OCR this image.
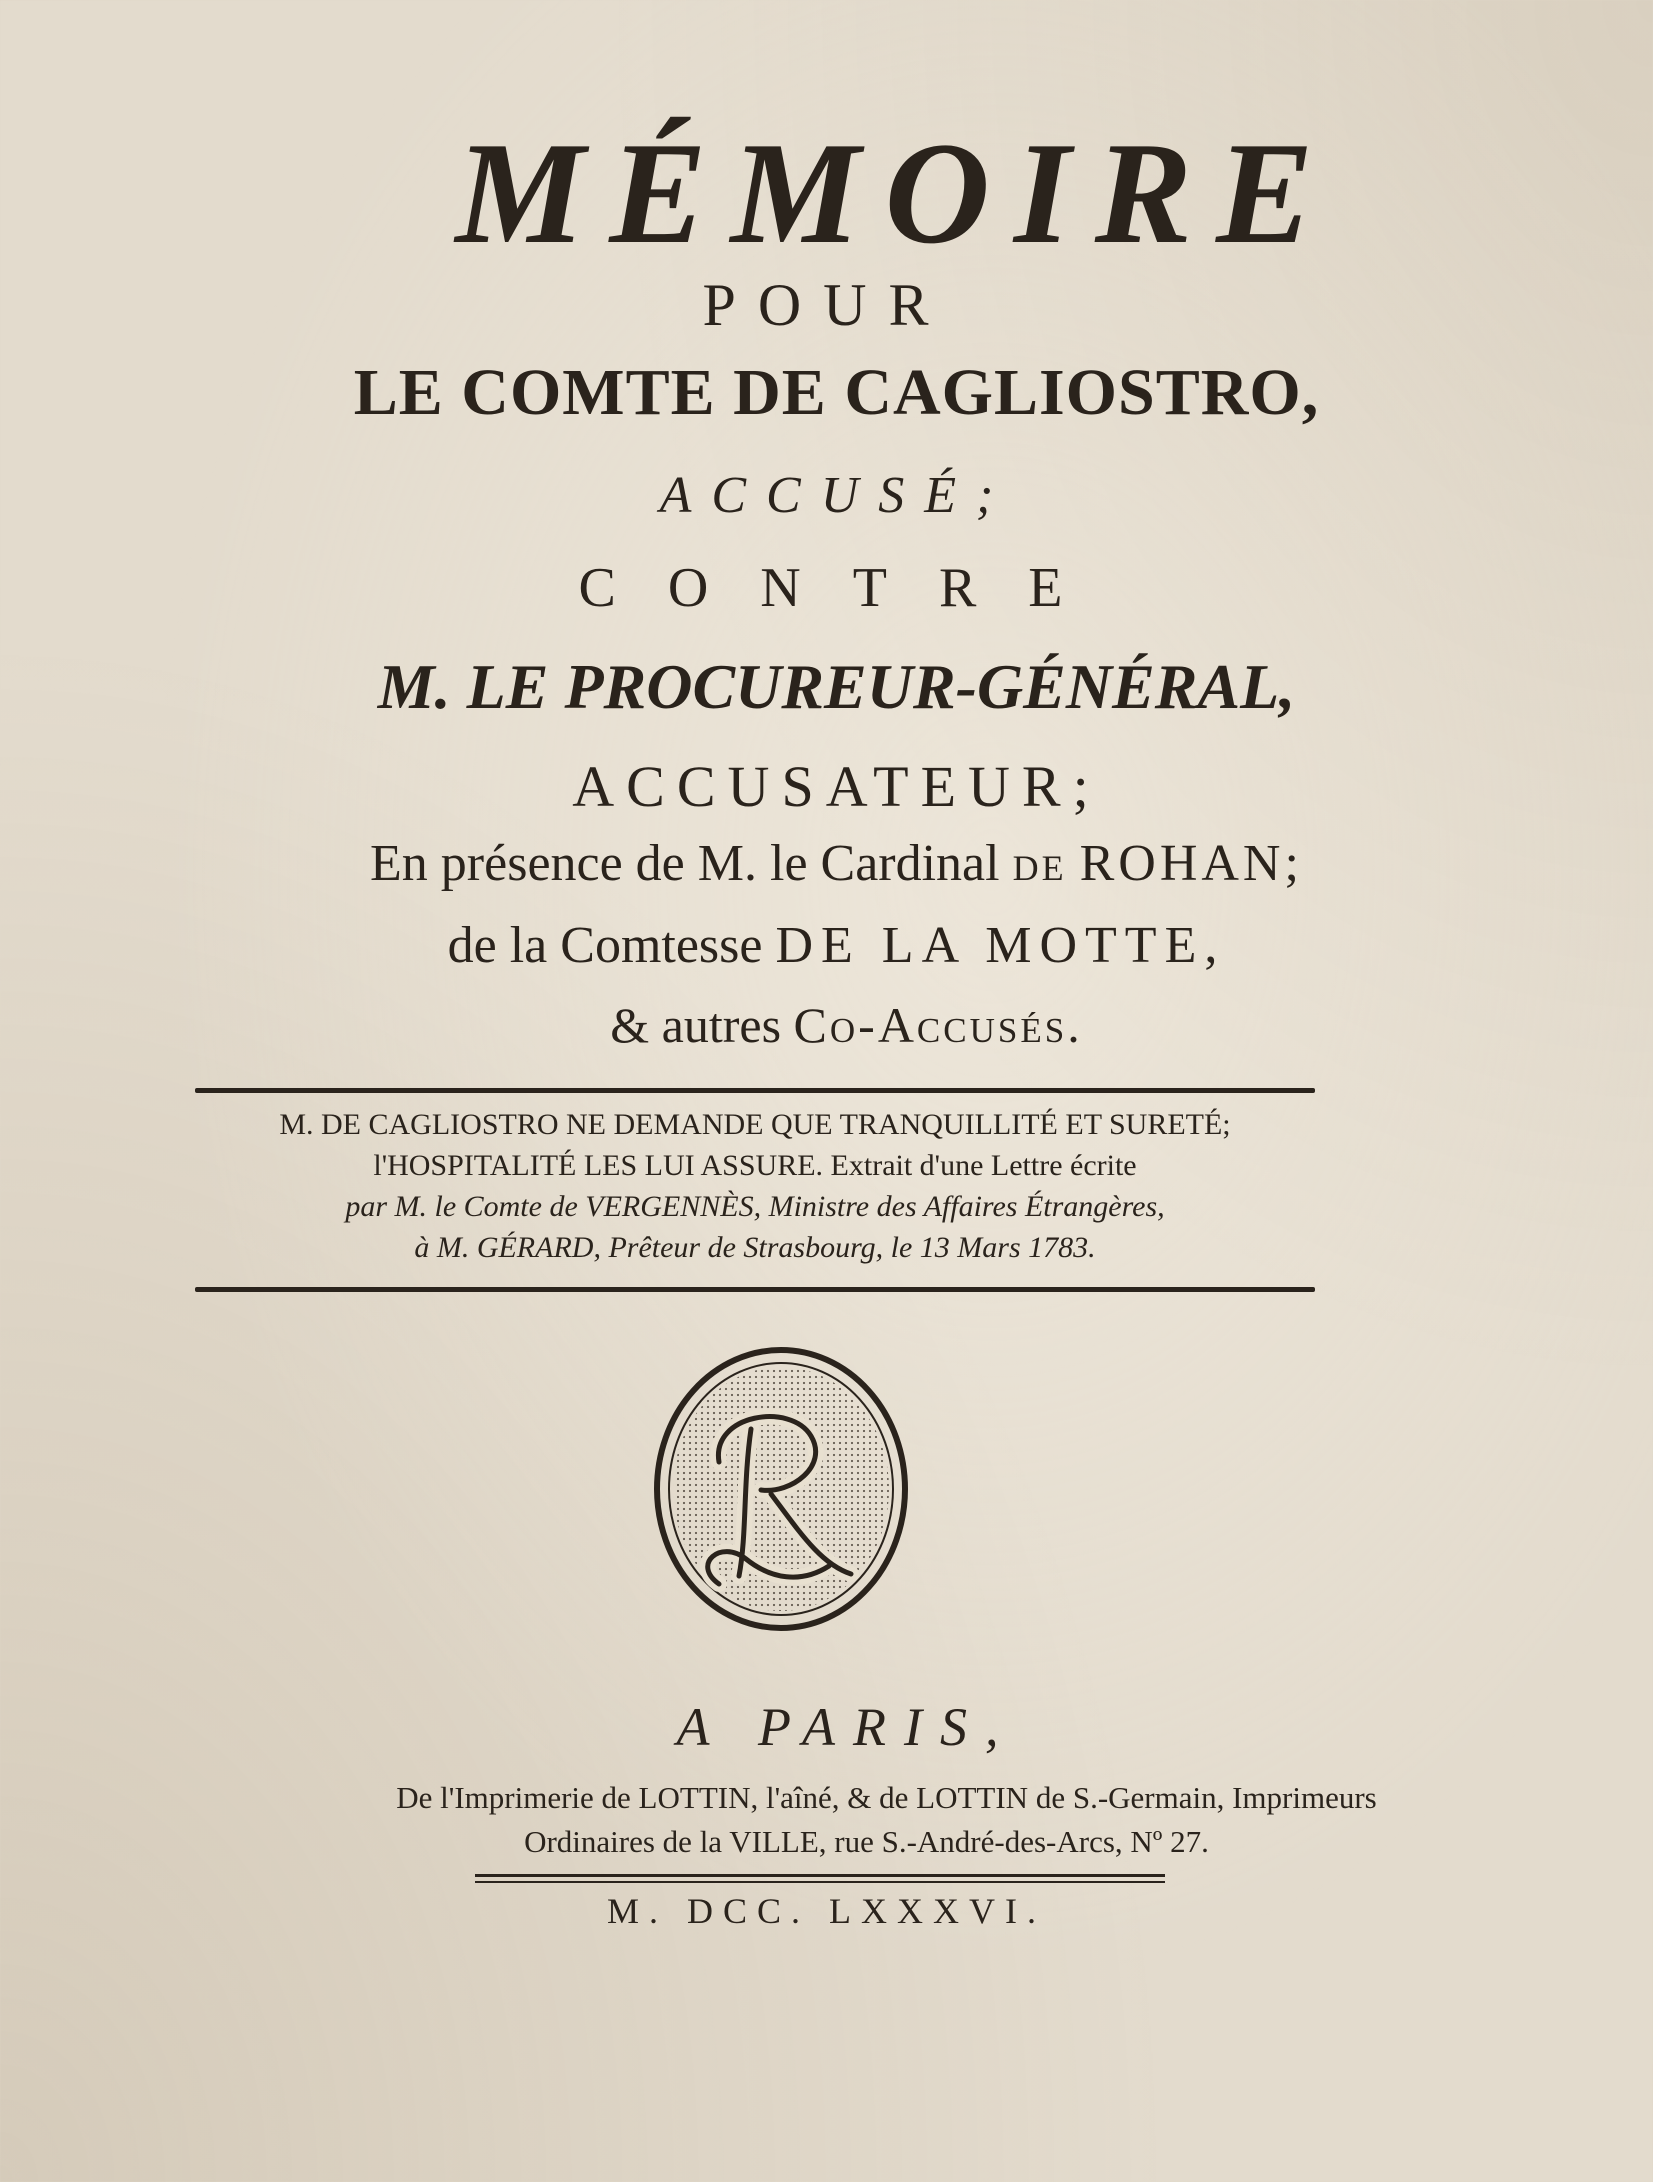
MÉMOIRE
POUR
LE COMTE DE CAGLIOSTRO,
ACCUSÉ;
CONTRE
M. LE PROCUREUR-GÉNÉRAL,
ACCUSATEUR;
En présence de M. le Cardinal de ROHAN;
de la Comtesse DE LA MOTTE,
& autres Co-Accusés.
M. DE CAGLIOSTRO NE DEMANDE QUE TRANQUILLITÉ ET SURETÉ;
l'HOSPITALITÉ LES LUI ASSURE. Extrait d'une Lettre écrite
par M. le Comte de VERGENNÈS, Ministre des Affaires Étrangères,
à M. GÉRARD, Prêteur de Strasbourg, le 13 Mars 1783.
A PARIS,
De l'Imprimerie de LOTTIN, l'aîné, & de LOTTIN de S.-Germain, Imprimeurs
Ordinaires de la VILLE, rue S.-André-des-Arcs, Nº 27.
M. DCC. LXXXVI.
